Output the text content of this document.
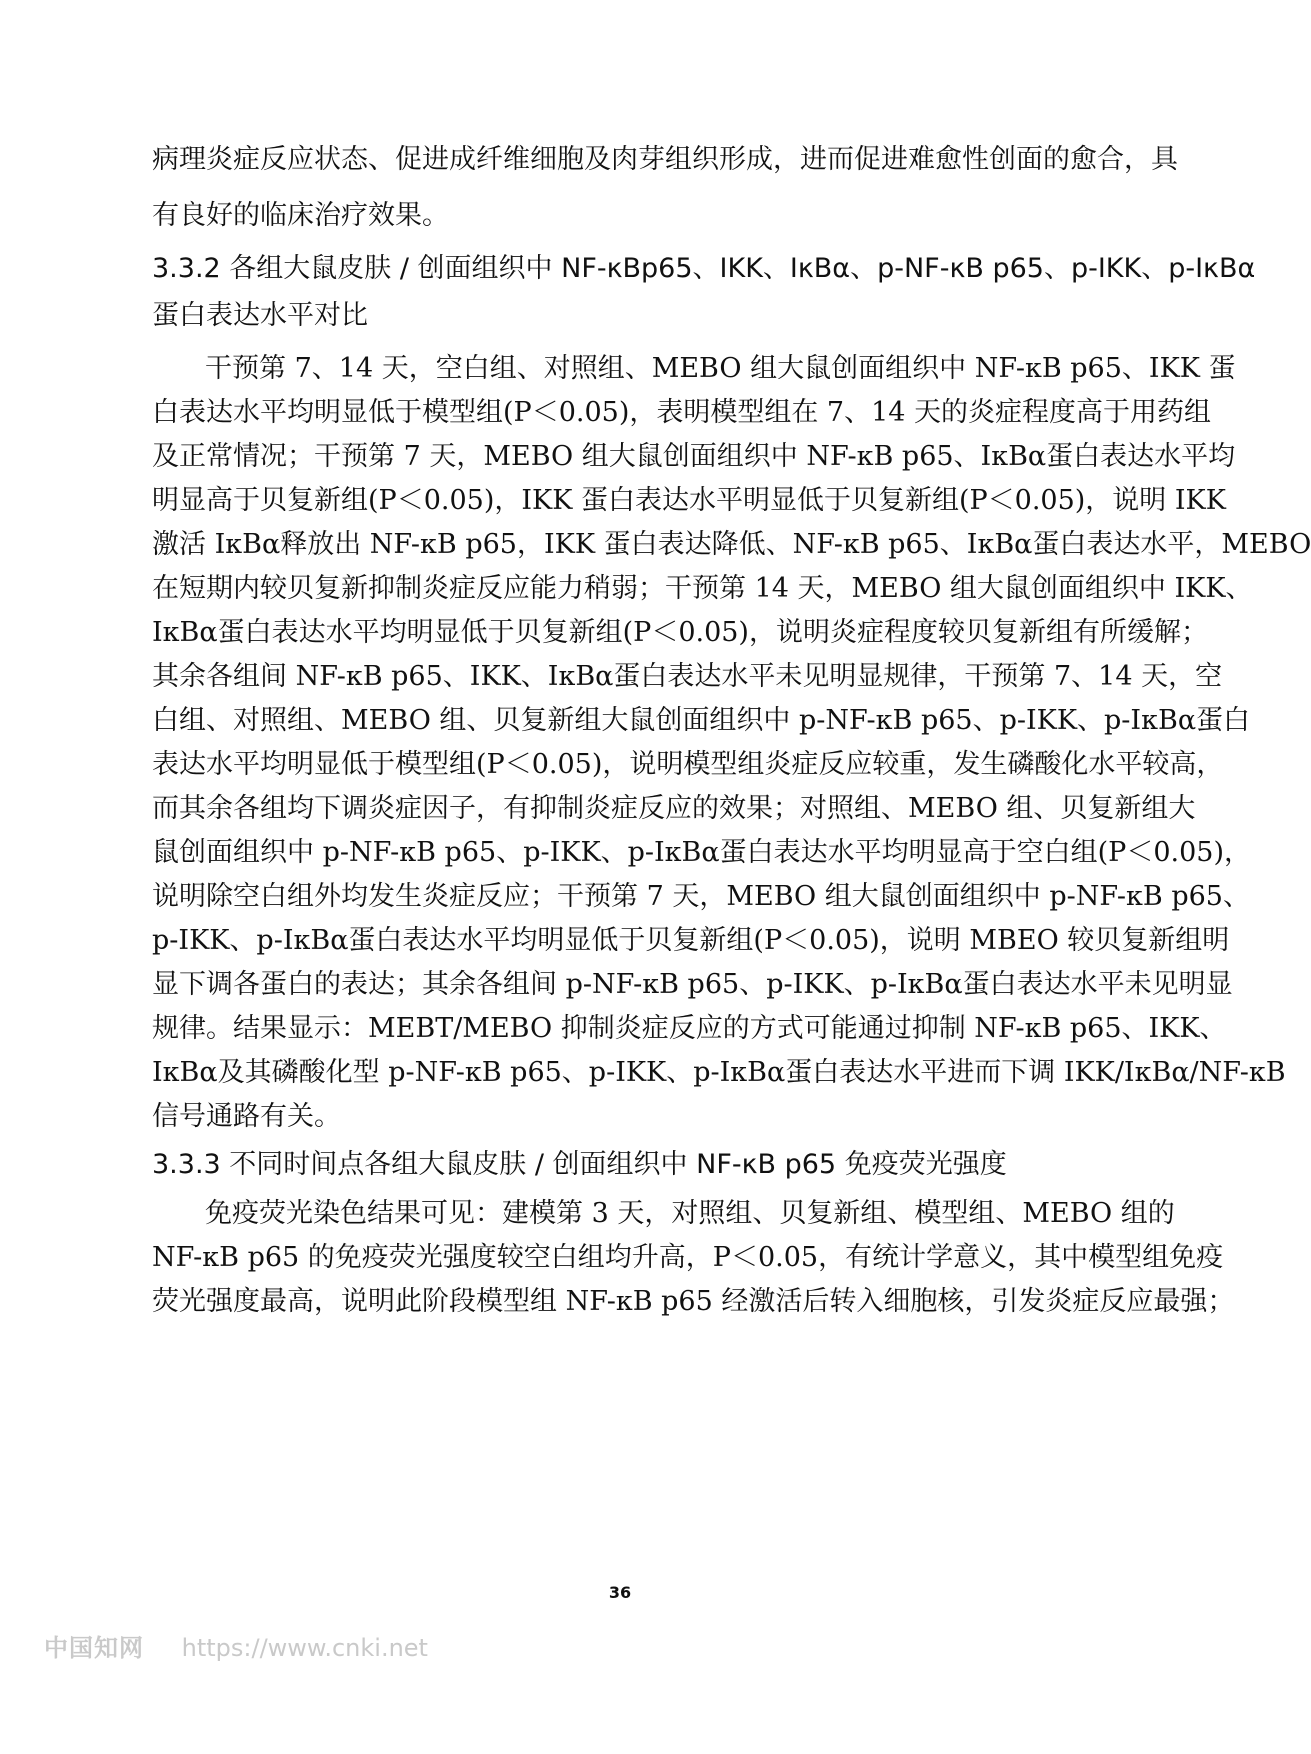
病理炎症反应状态、促进成纤维细胞及肉芽组织形成，进而促进难愈性创面的愈合，具
有良好的临床治疗效果。
3.3.2 各组大鼠皮肤 / 创面组织中 NF-κBp65、IKK、IκBα、p-NF-κB p65、p-IKK、p-IκBα
蛋白表达水平对比
干预第 7、14 天，空白组、对照组、MEBO 组大鼠创面组织中 NF-κB p65、IKK 蛋
白表达水平均明显低于模型组(P＜0.05)，表明模型组在 7、14 天的炎症程度高于用药组
及正常情况；干预第 7 天，MEBO 组大鼠创面组织中 NF-κB p65、IκBα蛋白表达水平均
明显高于贝复新组(P＜0.05)，IKK 蛋白表达水平明显低于贝复新组(P＜0.05)，说明 IKK
激活 IκBα释放出 NF-κB p65，IKK 蛋白表达降低、NF-κB p65、IκBα蛋白表达水平，MEBO
在短期内较贝复新抑制炎症反应能力稍弱；干预第 14 天，MEBO 组大鼠创面组织中 IKK、
IκBα蛋白表达水平均明显低于贝复新组(P＜0.05)，说明炎症程度较贝复新组有所缓解；
其余各组间 NF-κB p65、IKK、IκBα蛋白表达水平未见明显规律，干预第 7、14 天，空
白组、对照组、MEBO 组、贝复新组大鼠创面组织中 p-NF-κB p65、p-IKK、p-IκBα蛋白
表达水平均明显低于模型组(P＜0.05)，说明模型组炎症反应较重，发生磷酸化水平较高，
而其余各组均下调炎症因子，有抑制炎症反应的效果；对照组、MEBO 组、贝复新组大
鼠创面组织中 p-NF-κB p65、p-IKK、p-IκBα蛋白表达水平均明显高于空白组(P＜0.05)，
说明除空白组外均发生炎症反应；干预第 7 天，MEBO 组大鼠创面组织中 p-NF-κB p65、
p-IKK、p-IκBα蛋白表达水平均明显低于贝复新组(P＜0.05)，说明 MBEO 较贝复新组明
显下调各蛋白的表达；其余各组间 p-NF-κB p65、p-IKK、p-IκBα蛋白表达水平未见明显
规律。结果显示：MEBT/MEBO 抑制炎症反应的方式可能通过抑制 NF-κB p65、IKK、
IκBα及其磷酸化型 p-NF-κB p65、p-IKK、p-IκBα蛋白表达水平进而下调 IKK/IκBα/NF-κB
信号通路有关。
3.3.3 不同时间点各组大鼠皮肤 / 创面组织中 NF-κB p65 免疫荧光强度
免疫荧光染色结果可见：建模第 3 天，对照组、贝复新组、模型组、MEBO 组的
NF-κB p65 的免疫荧光强度较空白组均升高，P＜0.05，有统计学意义，其中模型组免疫
荧光强度最高，说明此阶段模型组 NF-κB p65 经激活后转入细胞核，引发炎症反应最强；
36
中国知网 https://www.cnki.net
